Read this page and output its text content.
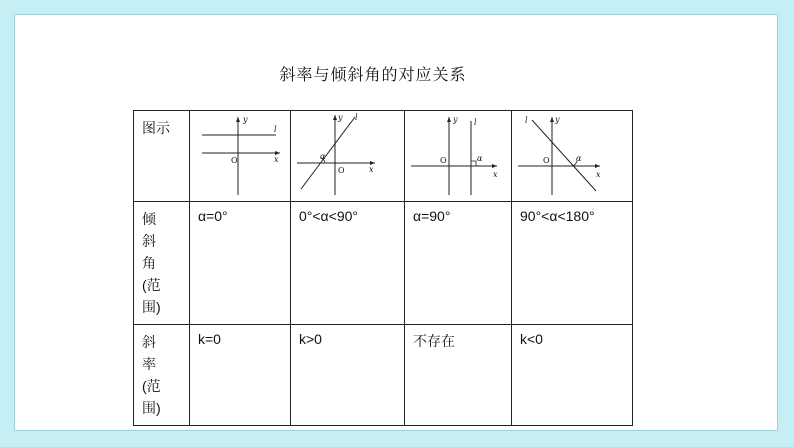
斜率与倾斜角的对应关系
图示	y
x
O
l	y
x
O
l
α	y
x
O
l
α	y
x
O
l
α

倾斜角(范围)	α=0°	0°<α<90°	α=90°	90°<α<180°

斜率(范围)	k=0	k>0	不存在	k<0
